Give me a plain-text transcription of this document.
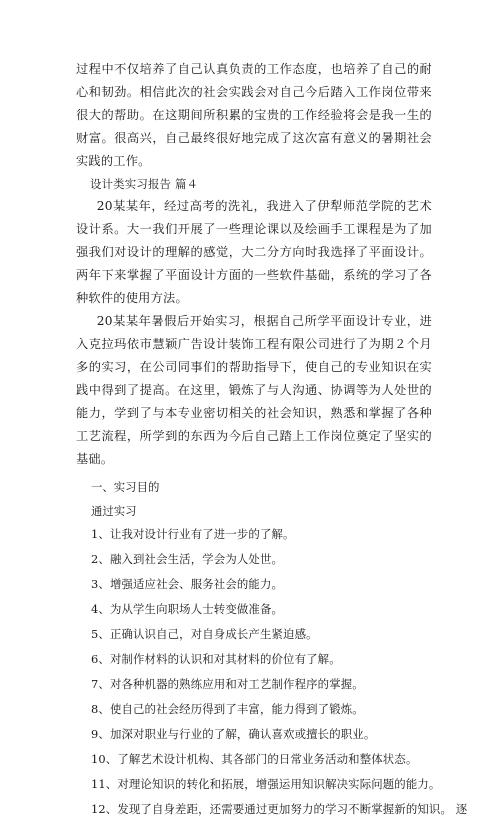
过程中不仅培养了自己认真负责的工作态度，也培养了自己的耐心和韧劲。相信此次的社会实践会对自己今后踏入工作岗位带来很大的帮助。在这期间所积累的宝贵的工作经验将会是我一生的财富。很高兴，自己最终很好地完成了这次富有意义的暑期社会实践的工作。

设计类实习报告 篇４

20某某年，经过高考的洗礼，我进入了伊犁师范学院的艺术设计系。大一我们开展了一些理论课以及绘画手工课程是为了加强我们对设计的理解的感觉，大二分方向时我选择了平面设计。两年下来掌握了平面设计方面的一些软件基础，系统的学习了各种软件的使用方法。

20某某年暑假后开始实习，根据自己所学平面设计专业，进入克拉玛依市慧颖广告设计装饰工程有限公司进行了为期２个月多的实习，在公司同事们的帮助指导下，使自己的专业知识在实践中得到了提高。在这里，锻炼了与人沟通、协调等为人处世的能力，学到了与本专业密切相关的社会知识，熟悉和掌握了各种工艺流程，所学到的东西为今后自己踏上工作岗位奠定了坚实的基础。

一、实习目的

通过实习

1、让我对设计行业有了进一步的了解。
2、融入到社会生活，学会为人处世。
3、增强适应社会、服务社会的能力。
4、为从学生向职场人士转变做准备。
5、正确认识自己，对自身成长产生紧迫感。
6、对制作材料的认识和对其材料的价位有了解。
7、对各种机器的熟练应用和对工艺制作程序的掌握。
8、使自己的社会经历得到了丰富，能力得到了锻炼。
9、加深对职业与行业的了解，确认喜欢或擅长的职业。
10、了解艺术设计机构、其各部门的日常业务活动和整体状态。
11、对理论知识的转化和拓展，增强运用知识解决实际问题的能力。
12、发现了自身差距，还需要通过更加努力的学习不断掌握新的知识。 逐
